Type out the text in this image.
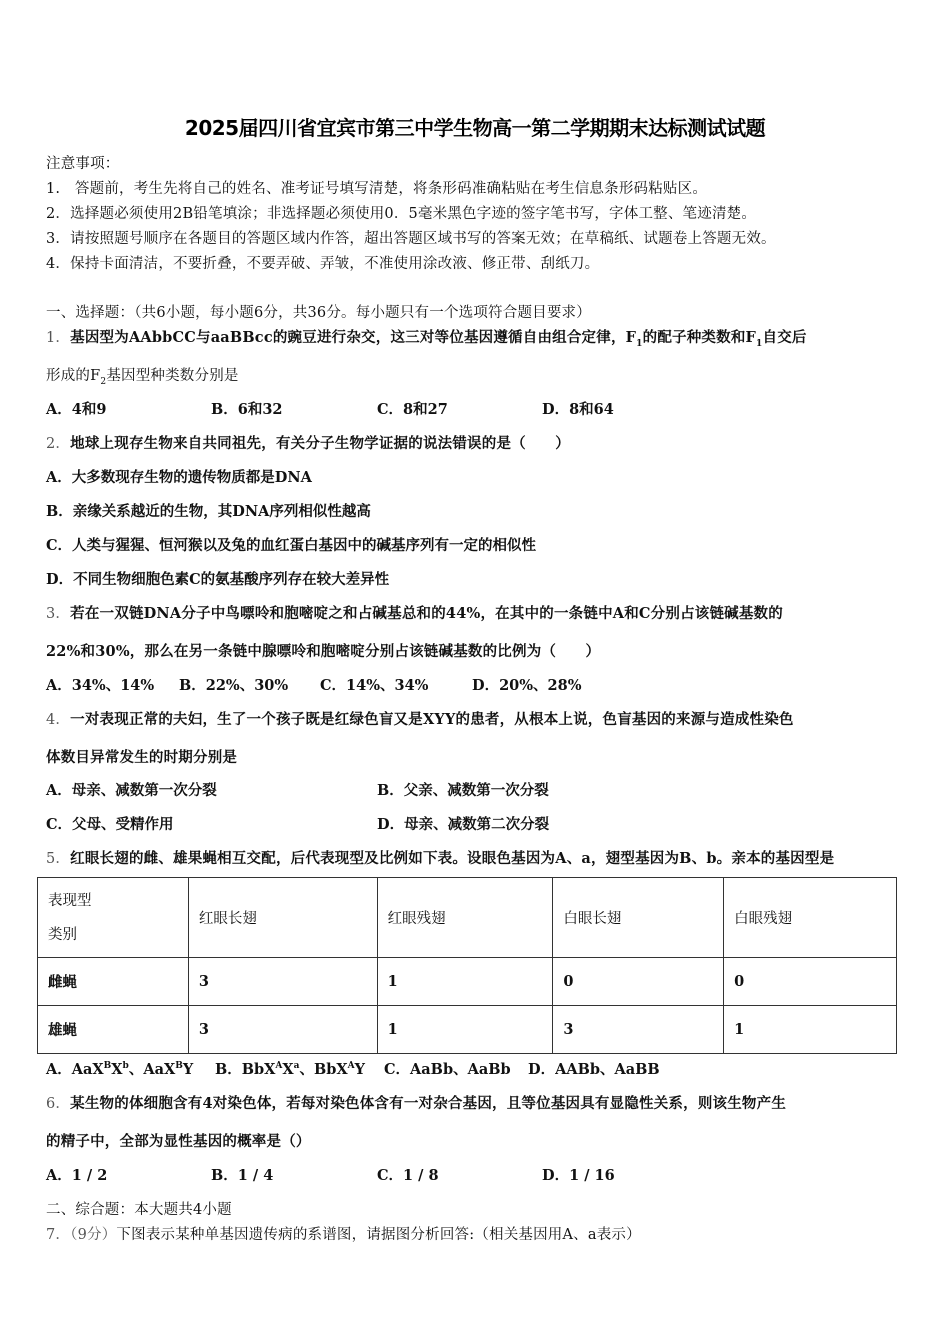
2025届四川省宜宾市第三中学生物高一第二学期期末达标测试试题
注意事项：
1.　答题前，考生先将自己的姓名、准考证号填写清楚，将条形码准确粘贴在考生信息条形码粘贴区。
2．选择题必须使用2B铅笔填涂；非选择题必须使用0．5毫米黑色字迹的签字笔书写，字体工整、笔迹清楚。
3．请按照题号顺序在各题目的答题区域内作答，超出答题区域书写的答案无效；在草稿纸、试题卷上答题无效。
4．保持卡面清洁，不要折叠，不要弄破、弄皱，不准使用涂改液、修正带、刮纸刀。
一、选择题：（共6小题，每小题6分，共36分。每小题只有一个选项符合题目要求）
1．基因型为AAbbCC与aaBBcc的豌豆进行杂交，这三对等位基因遵循自由组合定律，$F_1$的配子种类数和$F_1$自交后
形成的$F_2$基因型种类数分别是
A．4和9	B．6和32	C．8和27	D．8和64
2．地球上现存生物来自共同祖先，有关分子生物学证据的说法错误的是（　　）
A．大多数现存生物的遗传物质都是DNA
B．亲缘关系越近的生物，其DNA序列相似性越高
C．人类与猩猩、恒河猴以及兔的血红蛋白基因中的碱基序列有一定的相似性
D．不同生物细胞色素C的氨基酸序列存在较大差异性
3．若在一双链DNA分子中鸟嘌呤和胞嘧啶之和占碱基总和的44%，在其中的一条链中A和C分别占该链碱基数的
22%和30%，那么在另一条链中腺嘌呤和胞嘧啶分别占该链碱基数的比例为（　　）
A．34%、14% B．22%、30% C．14%、34%	D．20%、28%
4．一对表现正常的夫妇，生了一个孩子既是红绿色盲又是XYY的患者，从根本上说，色盲基因的来源与造成性染色
体数目异常发生的时期分别是
A．母亲、减数第一次分裂	B．父亲、减数第一次分裂
C．父母、受精作用	D．母亲、减数第二次分裂
5．红眼长翅的雌、雄果蝇相互交配，后代表现型及比例如下表。设眼色基因为A、a，翅型基因为B、b。亲本的基因型是
表现型
类别	红眼长翅	红眼残翅	白眼长翅	白眼残翅
雌蝇	3	1	0	0
雄蝇	3	1	3	1
A．$AaX^BX^b$、AaX$^B$Y B．$BbX^AX^a$、BbX$^A$Y C．AaBb、AaBb D．AABb、AaBB
6．某生物的体细胞含有4对染色体，若每对染色体含有一对杂合基因，且等位基因具有显隐性关系，则该生物产生
的精子中，全部为显性基因的概率是（）
A．1 / 2	B．1 / 4	C．1 / 8	D．1 / 16
二、综合题：本大题共4小题
7．（9分）下图表示某种单基因遗传病的系谱图，请据图分析回答:（相关基因用A、a表示）
